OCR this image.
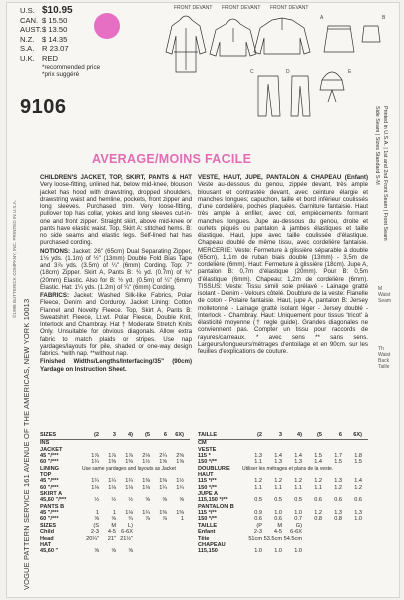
VOGUE PATTERN SERVICE 161 AVENUE OF THE AMERICAS, NEW YORK 10013
©1998 BUTTERICK COMPANY, INC. PRINTED IN U.S.A.
U.S. $10.95
CAN. $ 15.50
AUST. $ 13.50
N.Z.	$ 14.35
S.A.	R 23.07
U.K. RED
*recommended price
*prix suggéré
9106
FRONT DEVANT FRONT DEVANT FRONT DEVANT
A	B
C	D	E
Printed in U.S.A. | 1st and 2nd Front Seam | Front Seam
Side Seam | Sizes Standard S-M
M
Waist
Seam
Th
Waist
Back
Taille
AVERAGE/MOINS FACILE

CHILDREN'S JACKET, TOP, SKIRT, PANTS & HAT Very loose-fitting, unlined hat, below mid-knee, blouson jacket has hood with drawstring, dropped shoulders, drawstring waist and hemline, pockets, front zipper and long sleeves. Purchased trim. Very loose-fitting, pullover top has collar, yokes and long sleeves cut-in-one and front zipper. Straight skirt, above mid-knee or pants have elastic waist. Top, Skirt A: stitched hems. B: no side seams and elastic legs. Self-lined hat has purchased cording.

NOTIONS: Jacket: 26" (65cm) Dual Separating Zipper, 1⅛ yds. (1.1m) of ½" (13mm) Double Fold Bias Tape and 3⅞ yds. (3.5m) of ¼" (6mm) Cording. Top: 7" (18cm) Zipper. Skirt A, Pants B: ¾ yd. (0.7m) of ¾" (20mm) Elastic. Also for B: ½ yd. (0.5m) of ¼" (6mm) Elastic. Hat: 1¼ yds. (1.2m) of ¼" (6mm) Cording.

FABRICS: Jacket: Washed Silk-like Fabrics, Polar Fleece, Denim and Corduroy. Jacket Lining: Cotton Flannel and Novelty Fleece. Top, Skirt A, Pants B: Sweatshirt Fleece, Lt.wt. Polar Fleece, Double Knit, Interlock and Chambray. Hat † Moderate Stretch Knits Only. Unsuitable for obvious diagonals. Allow extra fabric to match plaids or stripes. Use nap yardages/layouts for pile, shaded or one-way design fabrics. *with nap. **without nap.

Finished Widths/Lengths/Interfacing/35" (90cm) Yardage on Instruction Sheet.

VESTE, HAUT, JUPE, PANTALON & CHAPEAU (Enfant) Veste au-dessous du genou, zippée devant, très ample blousant et contrastée devant, avec ceinture élargie et manches longues; capuchon, taille et bord inférieur coulissés d'une cordelière, poches plaquées. Garniture fantaisie. Haut très ample à enfiler, avec col, empiècements formant manches longues. Jupe au-dessous du genou, droite et ourlets piqués ou pantalon à jambes élastiques et taille élastique. Haut, jupe avec taille coulissée d'élastique. Chapeau doublé de même tissu, avec cordelière fantaisie. MERCERIE: Veste: Fermeture à glissière séparable à double (65cm), 1,1m de ruban biais double (13mm) - 3,5m de cordelière (6mm). Haut: Fermeture à glissière (18cm). Jupe A, pantalon B: 0,7m d'élastique (20mm). Pour B: 0,5m d'élastique (6mm). Chapeau: 1,2m de cordelière (6mm). TISSUS: Veste: Tissu simili soie prélavé - Lainage gratté isolant - Denim - Velours côtelé. Doublure de la veste: Flanelle de coton - Polaire fantaisie. Haut, jupe A, pantalon B: Jersey molletonné - Lainage gratté isolant léger - Jersey doublé - Interlock - Chambray. Haut: Uniquement pour tissus 'tricot' à élasticité moyenne († regle guide). Grandes diagonales ne conviennent pas. Compter un tissu pour raccords de rayures/carreaux. * avec sens ** sans sens. Largeurs/longueurs/métrages d'entoilage et en 90cm. sur les feuilles d'explications de couture.

SIZES	(2	3	4)	(5	6	6X)
INS
JACKET
45 "/***	1⅞	1⅞	1⅞	2⅛	2¼	2⅜
60 "/***	1¼	1⅜	1⅜	1½	1⅝	1⅝
LINING	Use same yardages and layouts as Jacket
TOP
45 "/***	1¼	1¼	1¼	1⅜	1⅜	1½
60 "/***	1⅛	1⅛	1⅛	1⅛	1¼	1¼
SKIRT A
45,60 "/***	½	½	½	⅝	⅝	⅝
PANTS B
45 "/***	1	1	1⅛	1¼	1⅜	1⅜
60 "/***	⅝	⅝	¾	⅞	⅞	1
SIZES	(S	M	L)
Child	2-3	4-5 6-6X
Head	20¼"	21" 21½"
HAT
45,60 "	⅝	⅝	⅝
TAILLE	(2	3	4)	(5	6	6X)
CM
VESTE
115 *	1.3	1.4	1.4	1.5	1.7	1.8
150 */**	1.1	1.3	1.3	1.4	1.5	1.5
DOUBLURE	Utiliser les métrages et plans de la veste.
HAUT
115 */**	1.2	1.2	1.2	1.2	1.3	1.4
150 */**	1.1	1.1	1.1	1.1	1.2	1.2
JUPE A
115,150 */**	0.5	0.5	0.5	0.6	0.6	0.6
PANTALON B
115 */**	0.9	1.0	1.0	1.2	1.3	1.3
150 */**	0.6	0.6	0.7	0.8	0.8	1.0
TAILLE	(P	M	G)
Enfant	2-3	4-5	6-6X
Tête	51cm 53.5cm 54.5cm
CHAPEAU
115,150	1.0	1.0	1.0
